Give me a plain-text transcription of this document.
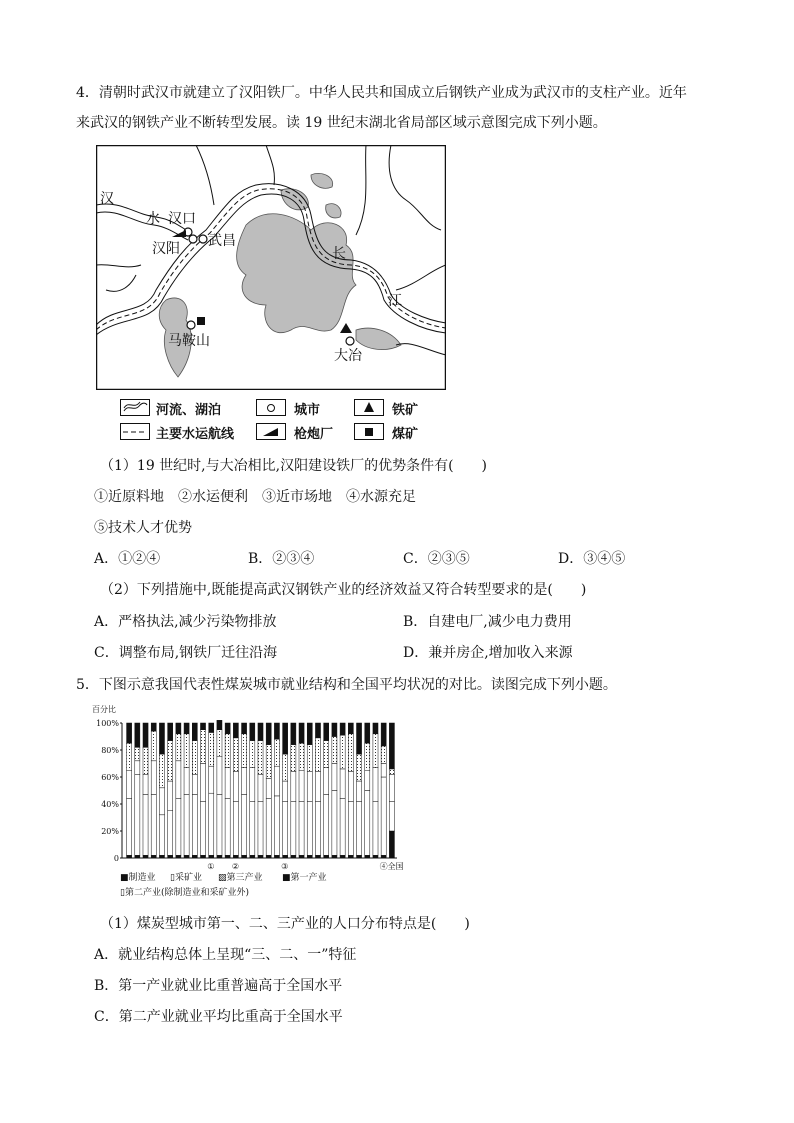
4．清朝时武汉市就建立了汉阳铁厂。中华人民共和国成立后钢铁产业成为武汉市的支柱产业。近年
来武汉的钢铁产业不断转型发展。读 19 世纪末湖北省局部区域示意图完成下列小题。
汉
水 汉口
汉阳 武昌
长
江
马鞍山
大冶
河流、湖泊	城市	铁矿
主要水运航线	枪炮厂	煤矿
（1）19 世纪时,与大冶相比,汉阳建设铁厂的优势条件有(　　)
①近原料地　②水运便利　③近市场地　④水源充足
⑤技术人才优势
A．①②④	B．②③④	C．②③⑤	D．③④⑤
（2）下列措施中,既能提高武汉钢铁产业的经济效益又符合转型要求的是(　　)
A．严格执法,减少污染物排放	B．自建电厂,减少电力费用
C．调整布局,钢铁厂迁往沿海	D．兼并房企,增加收入来源
5．下图示意我国代表性煤炭城市就业结构和全国平均状况的对比。读图完成下列小题。
百分比
0
20%
40%
60%
80%
100%
① ②	③	④全国
■制造业 ▯采矿业 ▨第三产业 ■第一产业
▯第二产业(除制造业和采矿业外)
（1）煤炭型城市第一、二、三产业的人口分布特点是(　　)
A．就业结构总体上呈现“三、二、一”特征
B．第一产业就业比重普遍高于全国水平
C．第二产业就业平均比重高于全国水平
